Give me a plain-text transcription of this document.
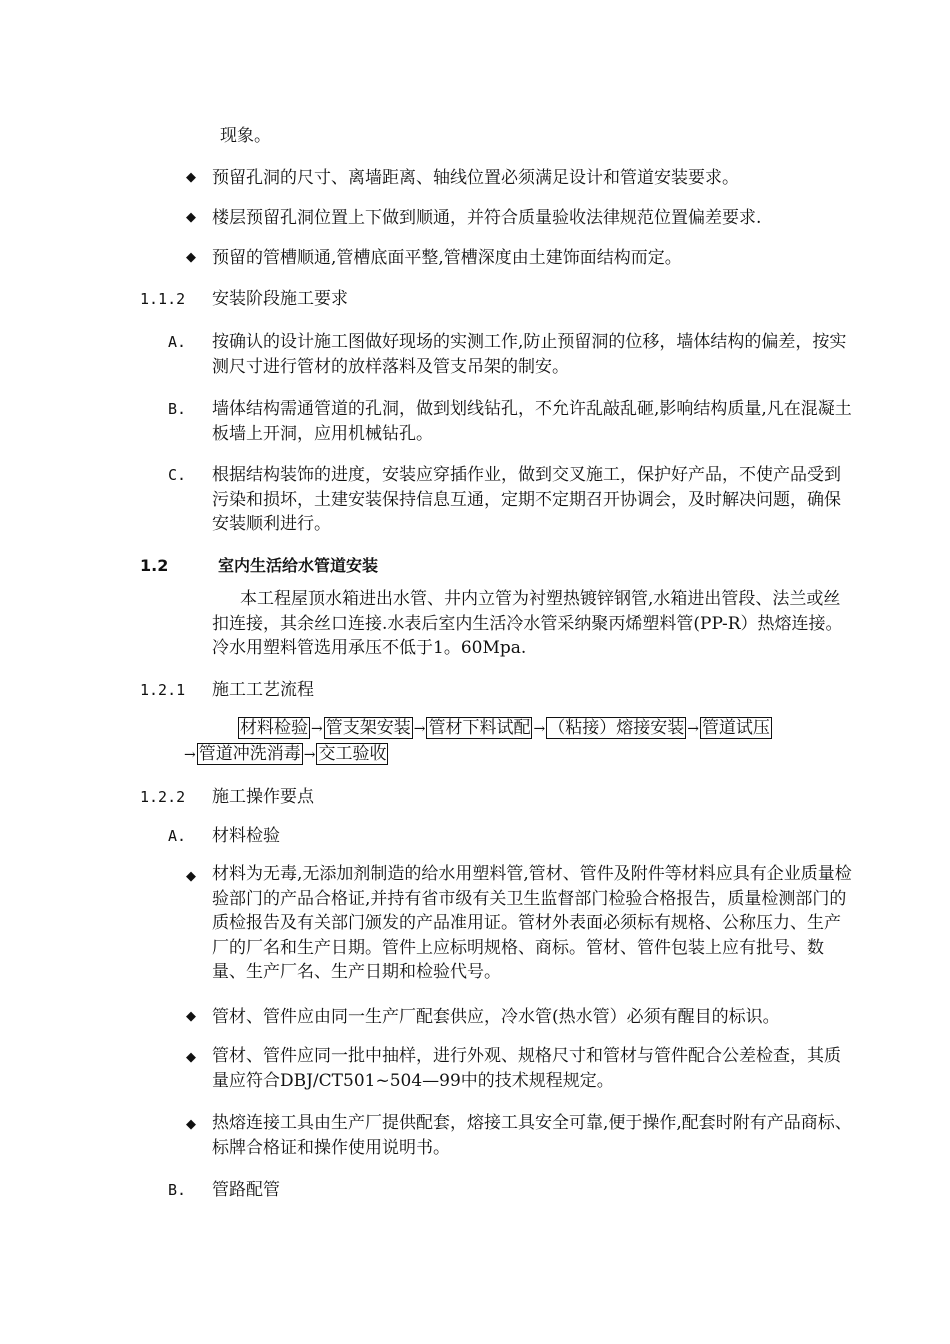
现象。
◆ 预留孔洞的尺寸、离墙距离、轴线位置必须满足设计和管道安装要求。
◆ 楼层预留孔洞位置上下做到顺通，并符合质量验收法律规范位置偏差要求.
◆ 预留的管槽顺通,管槽底面平整,管槽深度由土建饰面结构而定。
1.1.2 安装阶段施工要求
A. 按确认的设计施工图做好现场的实测工作,防止预留洞的位移，墙体结构的偏差，按实测尺寸进行管材的放样落料及管支吊架的制安。
B. 墙体结构需通管道的孔洞，做到划线钻孔，不允许乱敲乱砸,影响结构质量,凡在混凝土板墙上开洞，应用机械钻孔。
C. 根据结构装饰的进度，安装应穿插作业，做到交叉施工，保护好产品，不使产品受到污染和损坏，土建安装保持信息互通，定期不定期召开协调会，及时解决问题，确保安装顺利进行。
1.2	室内生活给水管道安装
本工程屋顶水箱进出水管、井内立管为衬塑热镀锌钢管,水箱进出管段、法兰或丝扣连接，其余丝口连接.水表后室内生活冷水管采纳聚丙烯塑料管(PP-R）热熔连接。冷水用塑料管选用承压不低于1。60Mpa.
1.2.1 施工工艺流程
材料检验 → 管支架安装 → 管材下料试配 → （粘接）熔接安装 → 管道试压
→ 管道冲洗消毒 → 交工验收
1.2.2 施工操作要点
A. 材料检验
◆ 材料为无毒,无添加剂制造的给水用塑料管,管材、管件及附件等材料应具有企业质量检验部门的产品合格证,并持有省市级有关卫生监督部门检验合格报告，质量检测部门的质检报告及有关部门颁发的产品准用证。管材外表面必须标有规格、公称压力、生产厂的厂名和生产日期。管件上应标明规格、商标。管材、管件包装上应有批号、数量、生产厂名、生产日期和检验代号。
◆ 管材、管件应由同一生产厂配套供应，冷水管(热水管）必须有醒目的标识。
◆ 管材、管件应同一批中抽样，进行外观、规格尺寸和管材与管件配合公差检查，其质量应符合DBJ/CT501~504—99中的技术规程规定。
◆ 热熔连接工具由生产厂提供配套，熔接工具安全可靠,便于操作,配套时附有产品商标、标牌合格证和操作使用说明书。
B. 管路配管
